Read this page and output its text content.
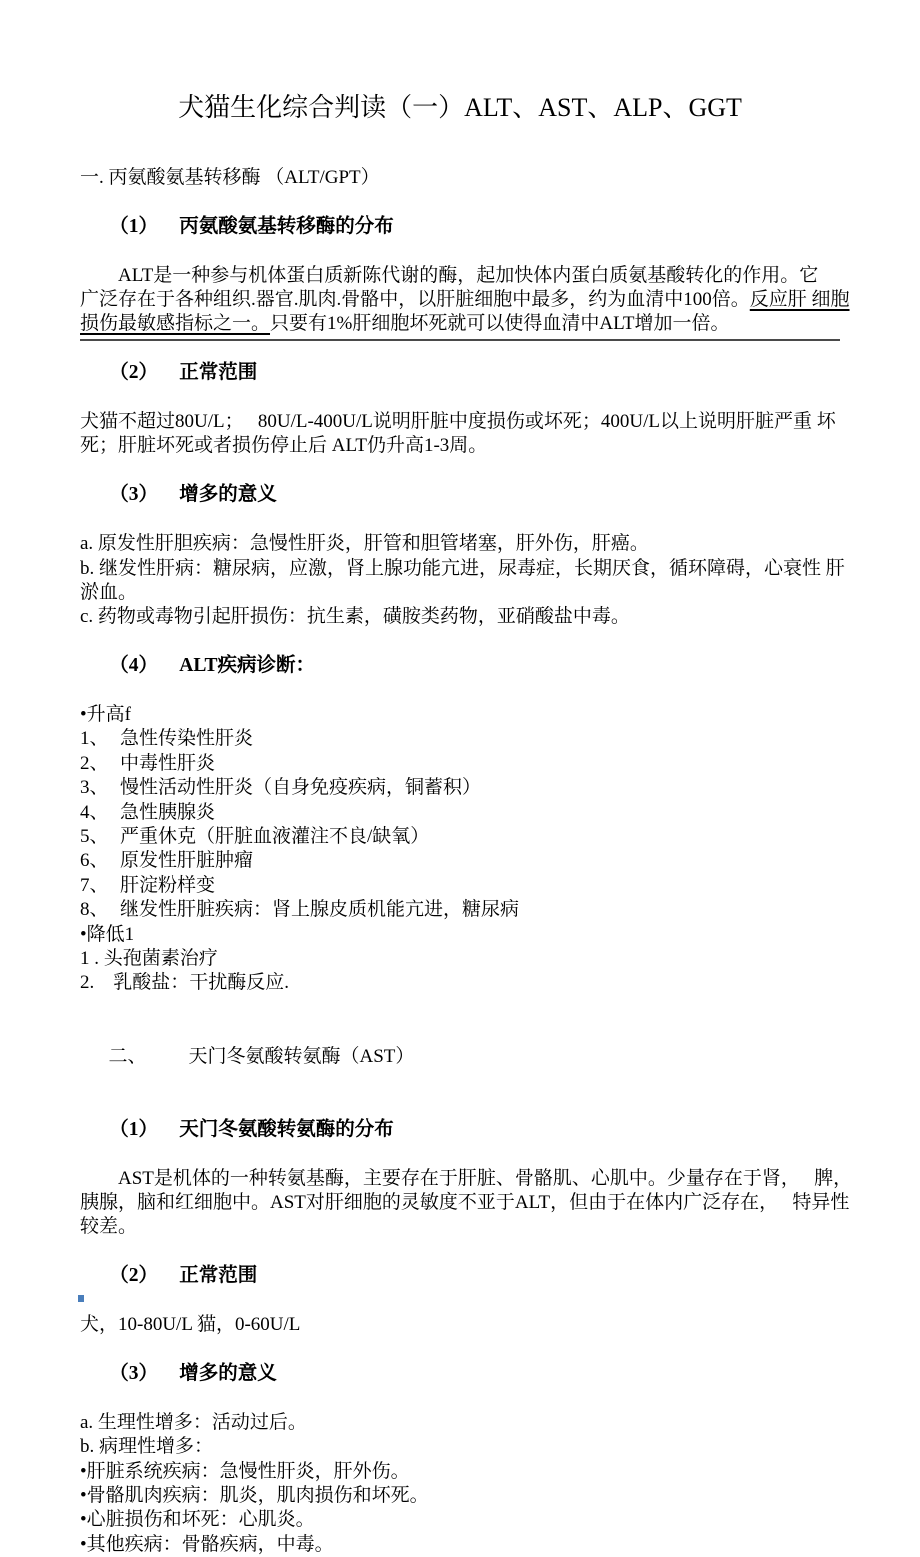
犬猫生化综合判读（一）ALT、AST、ALP、GGT
一. 丙氨酸氨基转移酶 （ALT/GPT）

（1） 丙氨酸氨基转移酶的分布

　　ALT是一种参与机体蛋白质新陈代谢的酶，起加快体内蛋白质氨基酸转化的作用。它
广泛存在于各种组织.器官.肌肉.骨骼中，以肝脏细胞中最多，约为血清中100倍。反应肝 细胞
损伤最敏感指标之一。只要有1%肝细胞坏死就可以使得血清中ALT增加一倍。

（2） 正常范围

犬猫不超过80U/L；　 80U/L-400U/L说明肝脏中度损伤或坏死；400U/L以上说明肝脏严重 坏
死；肝脏坏死或者损伤停止后 ALT仍升高1-3周。

（3） 增多的意义

a. 原发性肝胆疾病：急慢性肝炎，肝管和胆管堵塞，肝外伤，肝癌。
b. 继发性肝病：糖尿病，应激，肾上腺功能亢进，尿毒症，长期厌食，循环障碍，心衰性 肝
淤血。
c. 药物或毒物引起肝损伤：抗生素，磺胺类药物，亚硝酸盐中毒。

（4） ALT疾病诊断：

•升高f
1、 急性传染性肝炎
2、 中毒性肝炎
3、 慢性活动性肝炎（自身免疫疾病，铜蓄积）
4、 急性胰腺炎
5、 严重休克（肝脏血液灌注不良/缺氧）
6、 原发性肝脏肿瘤
7、 肝淀粉样变
8、 继发性肝脏疾病：肾上腺皮质机能亢进，糖尿病
•降低1
1 . 头孢菌素治疗
2.　乳酸盐：干扰酶反应.

二、 天门冬氨酸转氨酶（AST）

（1） 天门冬氨酸转氨酶的分布

　　AST是机体的一种转氨基酶，主要存在于肝脏、骨骼肌、心肌中。少量存在于肾，　 脾，
胰腺，脑和红细胞中。AST对肝细胞的灵敏度不亚于ALT，但由于在体内广泛存在，　 特异性
较差。

（2） 正常范围

犬，10-80U/L 猫，0-60U/L

（3） 增多的意义

a. 生理性增多：活动过后。
b. 病理性增多：
•肝脏系统疾病：急慢性肝炎，肝外伤。
•骨骼肌肉疾病：肌炎，肌肉损伤和坏死。
•心脏损伤和坏死：心肌炎。
•其他疾病：骨骼疾病，中毒。
